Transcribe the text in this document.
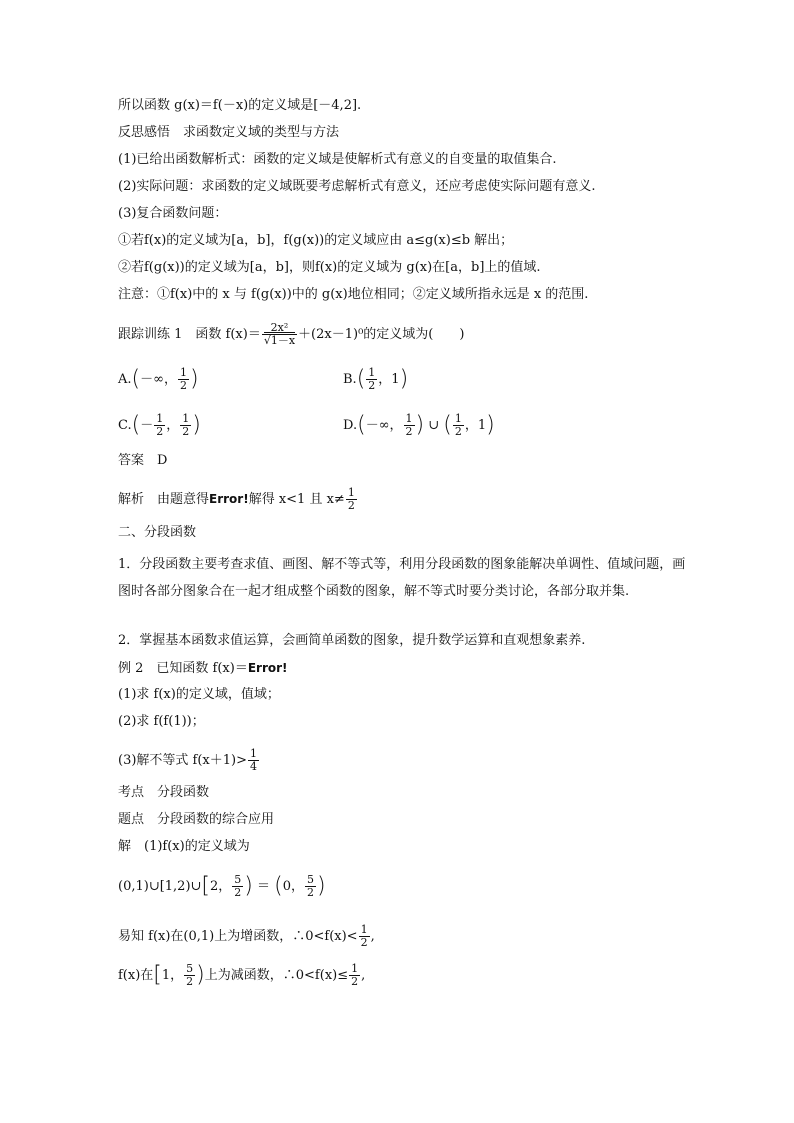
所以函数 g(x)＝f(－x)的定义域是[－4,2].
反思感悟　求函数定义域的类型与方法
(1)已给出函数解析式：函数的定义域是使解析式有意义的自变量的取值集合.
(2)实际问题：求函数的定义域既要考虑解析式有意义，还应考虑使实际问题有意义.
(3)复合函数问题：
①若f(x)的定义域为[a，b]，f(g(x))的定义域应由 a≤g(x)≤b 解出；
②若f(g(x))的定义域为[a，b]，则f(x)的定义域为 g(x)在[a，b]上的值域.
注意：①f(x)中的 x 与 f(g(x))中的 g(x)地位相同；②定义域所指永远是 x 的范围.
跟踪训练 1　函数 $f(x)= \frac{\text{2x²}}{√1-x} +(2x-1)^0$的定义域为(　　)
A.(－∞， $\frac{1}{2}$ )	$B.( \frac{1}{2}$ ，1)
$C.(- \frac{1}{2}$ ， $\frac{1}{2}$ )	D.(－∞， $\frac{1}{2}$ ) ∪ ( $\frac{1}{2}$ ，1)
答案　D
解析　由题意得Error!解得 x<1 且 $x\ne \frac{1}{2}$
二、分段函数
1．分段函数主要考查求值、画图、解不等式等，利用分段函数的图象能解决单调性、值域问题，画图时各部分图象合在一起才组成整个函数的图象，解不等式时要分类讨论，各部分取并集.
2．掌握基本函数求值运算，会画简单函数的图象，提升数学运算和直观想象素养.
例 2　已知函数 f(x)＝Error!
(1)求 f(x)的定义域，值域；
(2)求 f(f(1))；
(3)解不等式 $f(x+1)> \frac{1}{4}$
考点　分段函数
题点　分段函数的综合应用
解　(1)f(x)的定义域为
(0,1)∪[1,2)∪[2， $\frac{5}{2}$ ) ＝ (0， $\frac{5}{2}$ )
易知 f(x)在(0,1)上为增函数，∴0<f(x)< $\frac{1}{2}$ ,
f(x)在[1， $\frac{5}{2}$ )上为减函数，∴0<f(x)≤ $\frac{1}{2}$ ,
